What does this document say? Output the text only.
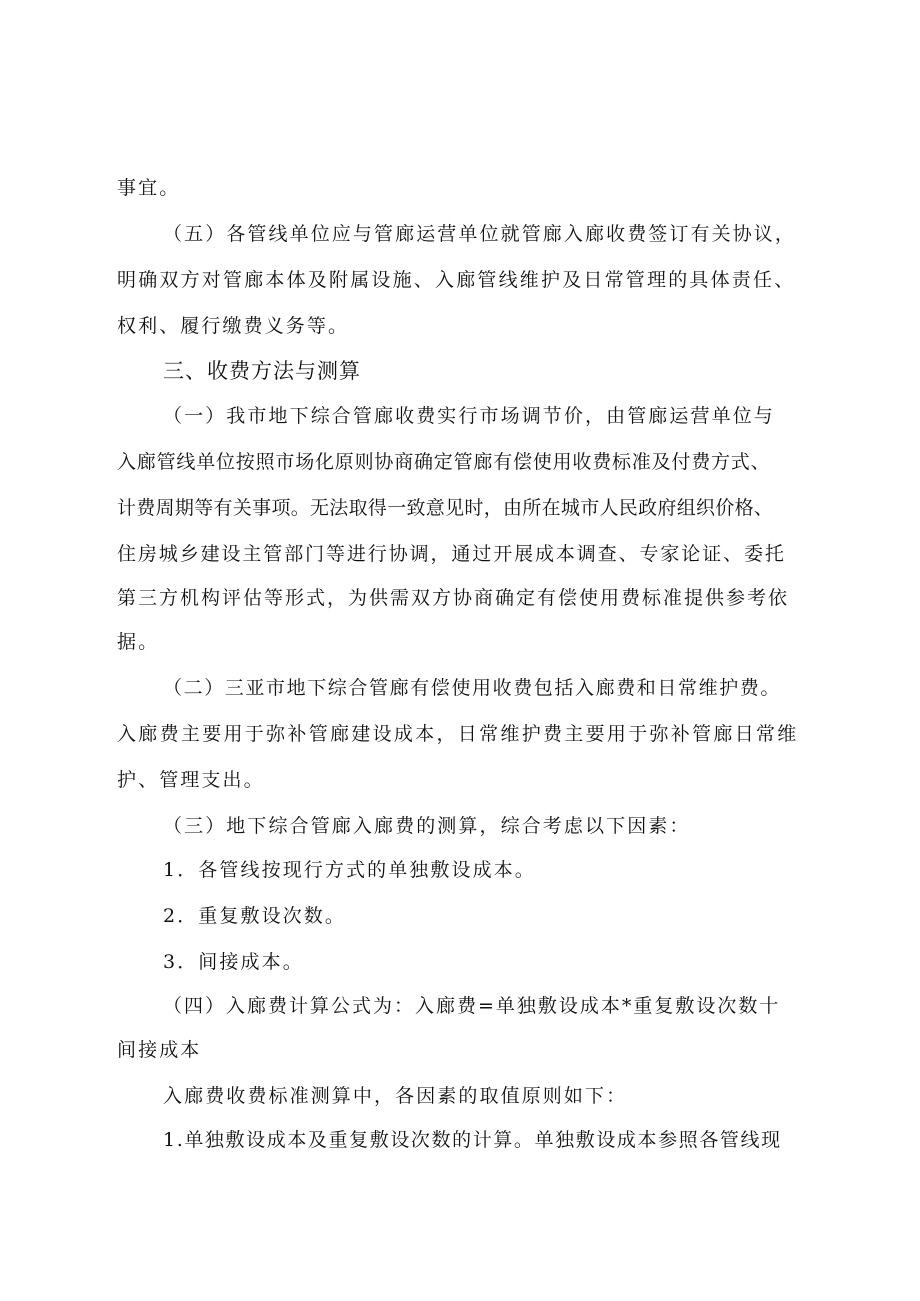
事宜。
（五）各管线单位应与管廊运营单位就管廊入廊收费签订有关协议，
明确双方对管廊本体及附属设施、入廊管线维护及日常管理的具体责任、
权利、履行缴费义务等。
三、收费方法与测算
（一）我市地下综合管廊收费实行市场调节价，由管廊运营单位与
入廊管线单位按照市场化原则协商确定管廊有偿使用收费标准及付费方式、
计费周期等有关事项。无法取得一致意见时，由所在城市人民政府组织价格、
住房城乡建设主管部门等进行协调，通过开展成本调查、专家论证、委托
第三方机构评估等形式，为供需双方协商确定有偿使用费标准提供参考依
据。
（二）三亚市地下综合管廊有偿使用收费包括入廊费和日常维护费。
入廊费主要用于弥补管廊建设成本，日常维护费主要用于弥补管廊日常维
护、管理支出。
（三）地下综合管廊入廊费的测算，综合考虑以下因素：
1．各管线按现行方式的单独敷设成本。
2．重复敷设次数。
3．间接成本。
（四）入廊费计算公式为：入廊费=单独敷设成本*重复敷设次数十
间接成本
入廊费收费标准测算中，各因素的取值原则如下：
1.单独敷设成本及重复敷设次数的计算。单独敷设成本参照各管线现
